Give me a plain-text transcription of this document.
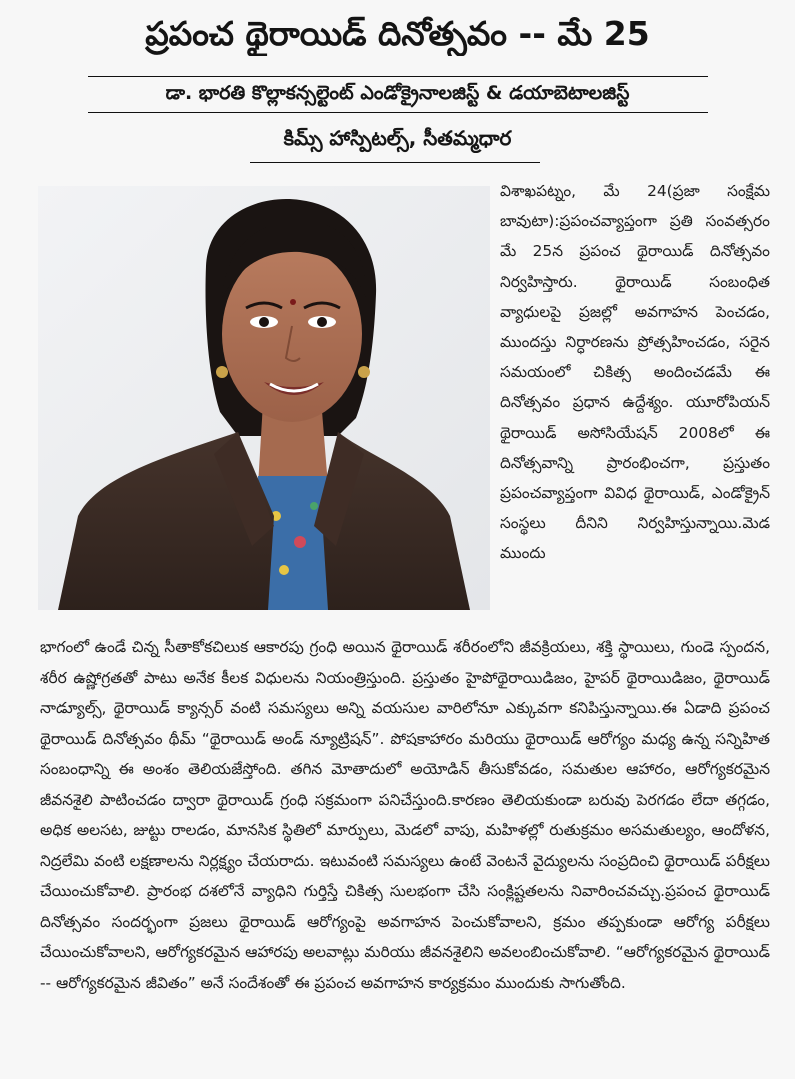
ప్రపంచ థైరాయిడ్ దినోత్సవం -- మే 25
డా. భారతి కొల్లాకన్సల్టెంట్ ఎండోక్రైనాలజిస్ట్ & డయాబెటాలజిస్ట్
కిమ్స్ హాస్పిటల్స్, సీతమ్మధార
విశాఖపట్నం, మే 24(ప్రజా సంక్షేమ బావుటా):ప్రపంచవ్యాప్తంగా ప్రతి సంవత్సరం మే 25న ప్రపంచ థైరాయిడ్ దినోత్సవం నిర్వహిస్తారు. థైరాయిడ్ సంబంధిత వ్యాధులపై ప్రజల్లో అవగాహన పెంచడం, ముందస్తు నిర్ధారణను ప్రోత్సహించడం, సరైన సమయంలో చికిత్స అందించడమే ఈ దినోత్సవం ప్రధాన ఉద్దేశ్యం. యూరోపియన్ థైరాయిడ్ అసోసియేషన్ 2008లో ఈ దినోత్సవాన్ని ప్రారంభించగా, ప్రస్తుతం ప్రపంచవ్యాప్తంగా వివిధ థైరాయిడ్, ఎండోక్రైన్ సంస్థలు దీనిని నిర్వహిస్తున్నాయి.మెడ ముందు
భాగంలో ఉండే చిన్న సీతాకోకచిలుక ఆకారపు గ్రంధి అయిన థైరాయిడ్ శరీరంలోని జీవక్రియలు, శక్తి స్థాయిలు, గుండె స్పందన, శరీర ఉష్ణోగ్రతతో పాటు అనేక కీలక విధులను నియంత్రిస్తుంది. ప్రస్తుతం హైపోథైరాయిడిజం, హైపర్ థైరాయిడిజం, థైరాయిడ్ నాడ్యూల్స్, థైరాయిడ్ క్యాన్సర్ వంటి సమస్యలు అన్ని వయసుల వారిలోనూ ఎక్కువగా కనిపిస్తున్నాయి.ఈ ఏడాది ప్రపంచ థైరాయిడ్ దినోత్సవం థీమ్ “థైరాయిడ్ అండ్ న్యూట్రిషన్”. పోషకాహారం మరియు థైరాయిడ్ ఆరోగ్యం మధ్య ఉన్న సన్నిహిత సంబంధాన్ని ఈ అంశం తెలియజేస్తోంది. తగిన మోతాదులో అయోడిన్ తీసుకోవడం, సమతుల ఆహారం, ఆరోగ్యకరమైన జీవనశైలి పాటించడం ద్వారా థైరాయిడ్ గ్రంధి సక్రమంగా పనిచేస్తుంది.కారణం తెలియకుండా బరువు పెరగడం లేదా తగ్గడం, అధిక అలసట, జుట్టు రాలడం, మానసిక స్థితిలో మార్పులు, మెడలో వాపు, మహిళల్లో రుతుక్రమం అసమతుల్యం, ఆందోళన, నిద్రలేమి వంటి లక్షణాలను నిర్లక్ష్యం చేయరాదు. ఇటువంటి సమస్యలు ఉంటే వెంటనే వైద్యులను సంప్రదించి థైరాయిడ్ పరీక్షలు చేయించుకోవాలి. ప్రారంభ దశలోనే వ్యాధిని గుర్తిస్తే చికిత్స సులభంగా చేసి సంక్లిష్టతలను నివారించవచ్చు.ప్రపంచ థైరాయిడ్ దినోత్సవం సందర్భంగా ప్రజలు థైరాయిడ్ ఆరోగ్యంపై అవగాహన పెంచుకోవాలని, క్రమం తప్పకుండా ఆరోగ్య పరీక్షలు చేయించుకోవాలని, ఆరోగ్యకరమైన ఆహారపు అలవాట్లు మరియు జీవనశైలిని అవలంబించుకోవాలి. “ఆరోగ్యకరమైన థైరాయిడ్ -- ఆరోగ్యకరమైన జీవితం” అనే సందేశంతో ఈ ప్రపంచ అవగాహన కార్యక్రమం ముందుకు సాగుతోంది.
